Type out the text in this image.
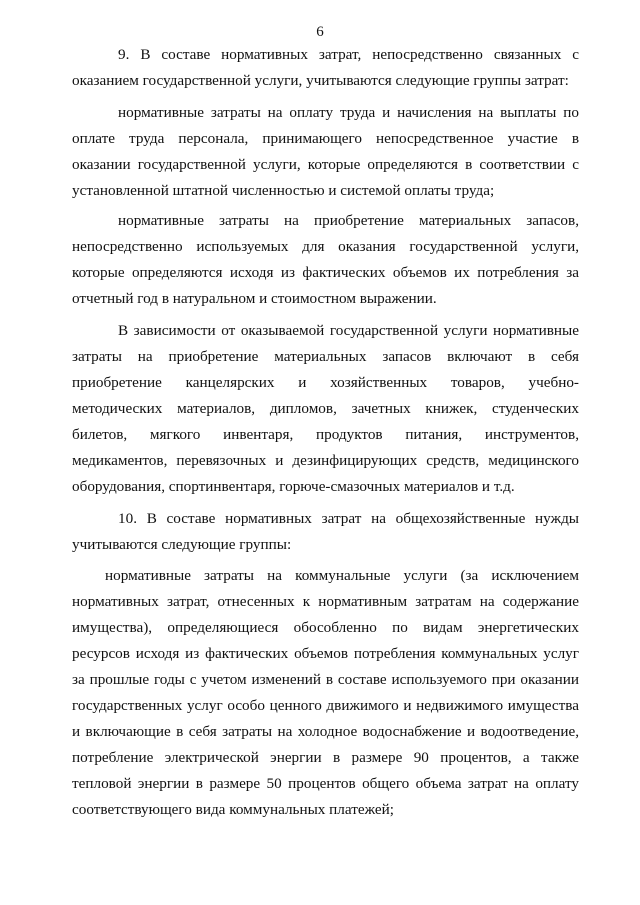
6
9. В составе нормативных затрат, непосредственно связанных с
оказанием государственной услуги, учитываются следующие группы затрат:
нормативные затраты на оплату труда и начисления на выплаты по
оплате труда персонала, принимающего непосредственное участие в
оказании государственной услуги, которые определяются в соответствии с
установленной штатной численностью и системой оплаты труда;
нормативные затраты на приобретение материальных запасов,
непосредственно используемых для оказания государственной услуги,
которые определяются исходя из фактических объемов их потребления за
отчетный год в натуральном и стоимостном выражении.
В зависимости от оказываемой государственной услуги нормативные
затраты на приобретение материальных запасов включают в себя
приобретение канцелярских и хозяйственных товаров, учебно-
методических материалов, дипломов, зачетных книжек, студенческих
билетов, мягкого инвентаря, продуктов питания, инструментов,
медикаментов, перевязочных и дезинфицирующих средств, медицинского
оборудования, спортинвентаря, горюче-смазочных материалов и т.д.
10. В составе нормативных затрат на общехозяйственные нужды
учитываются следующие группы:
нормативные затраты на коммунальные услуги (за исключением
нормативных затрат, отнесенных к нормативным затратам на содержание
имущества), определяющиеся обособленно по видам энергетических
ресурсов исходя из фактических объемов потребления коммунальных услуг
за прошлые годы с учетом изменений в составе используемого при оказании
государственных услуг особо ценного движимого и недвижимого имущества
и включающие в себя затраты на холодное водоснабжение и водоотведение,
потребление электрической энергии в размере 90 процентов, а также
тепловой энергии в размере 50 процентов общего объема затрат на оплату
соответствующего вида коммунальных платежей;
